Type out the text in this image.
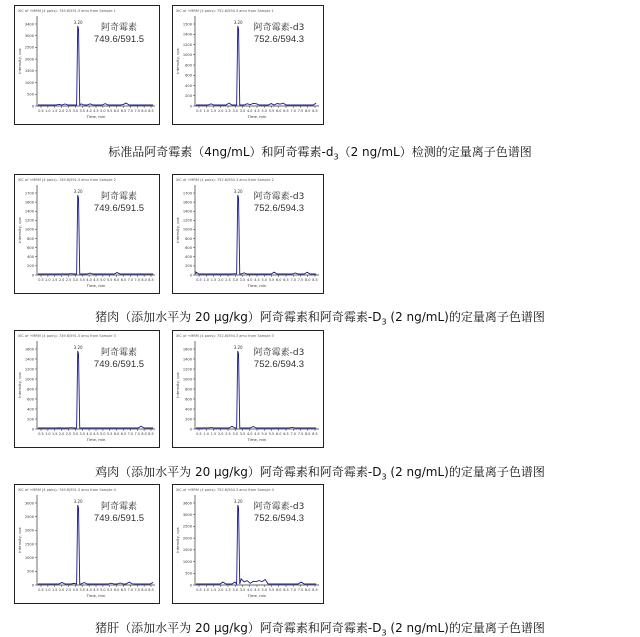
XIC of +MRM (4 pairs): 749.6/591.5 amu from Sample 1
3400
3000
2500
2000
1500
1000
500
0
Intensity, cps
0.5 1.0 1.5 2.0 2.5 3.0 3.5 4.0 4.5 5.0 5.5 6.0 6.5 7.0 7.5 8.0 8.5
Time, min
3.20
阿奇霉素
749.6/591.5
XIC of +MRM (4 pairs): 752.6/594.3 amu from Sample 1
1500
1400
1200
1000
800
600
400
200
0
Intensity, cps
0.5 1.0 1.5 2.0 2.5 3.0 3.5 4.0 4.5 5.0 5.5 6.0 6.5 7.0 7.5 8.0 8.5
Time, min
3.20
阿奇霉素-d3
752.6/594.3
标准品阿奇霉素（4ng/mL）和阿奇霉素$-d_3(2$ ng/mL）检测的定量离子色谱图
XIC of +MRM (4 pairs): 749.6/591.5 amu from Sample 2
1700
1600
1400
1200
1000
800
600
400
200
0
Intensity, cps
0.5 1.0 1.5 2.0 2.5 3.0 3.5 4.0 4.5 5.0 5.5 6.0 6.5 7.0 7.5 8.0 8.5
Time, min
3.20
阿奇霉素
749.6/591.5
XIC of +MRM (4 pairs): 752.6/594.3 amu from Sample 2
1700
1600
1400
1200
1000
800
600
400
200
0
Intensity, cps
0.5 1.0 1.5 2.0 2.5 3.0 3.5 4.0 4.5 5.0 5.5 6.0 6.5 7.0 7.5 8.0 8.5
Time, min
3.20
阿奇霉素-d3
752.6/594.3
猪肉（添加水平为 20 μg/kg）阿奇霉素和阿奇霉素$-D_3$ (2 ng/mL)的定量离子色谱图
XIC of +MRM (4 pairs): 749.6/591.5 amu from Sample 3
1600
1400
1200
1000
800
600
400
200
0
Intensity, cps
0.5 1.0 1.5 2.0 2.5 3.0 3.5 4.0 4.5 5.0 5.5 6.0 6.5 7.0 7.5 8.0 8.5
Time, min
3.20
阿奇霉素
749.6/591.5
XIC of +MRM (4 pairs): 752.6/594.3 amu from Sample 3
1600
1400
1200
1000
800
600
400
200
0
Intensity, cps
0.5 1.0 1.5 2.0 2.5 3.0 3.5 4.0 4.5 5.0 5.5 6.0 6.5 7.0 7.5 8.0 8.5
Time, min
3.20
阿奇霉素-d3
752.6/594.3
鸡肉（添加水平为 20 μg/kg）阿奇霉素和阿奇霉素$-D_3$ (2 ng/mL)的定量离子色谱图
XIC of +MRM (4 pairs): 749.6/591.5 amu from Sample 4
3000
2500
2000
1500
1000
500
0
Intensity, cps
0.5 1.0 1.5 2.0 2.5 3.0 3.5 4.0 4.5 5.0 5.5 6.0 6.5 7.0 7.5 8.0 8.5
Time, min
3.20
阿奇霉素
749.6/591.5
XIC of +MRM (4 pairs): 752.6/594.3 amu from Sample 4
3600
3000
2500
2000
1500
1000
500
0
Intensity, cps
0.5 1.0 1.5 2.0 2.5 3.0 3.5 4.0 4.5 5.0 5.5 6.0 6.5 7.0 7.5 8.0 8.5
Time, min
3.20
阿奇霉素-d3
752.6/594.3
猪肝（添加水平为 20 μg/kg）阿奇霉素和阿奇霉素$-D_3$ (2 ng/mL)的定量离子色谱图
